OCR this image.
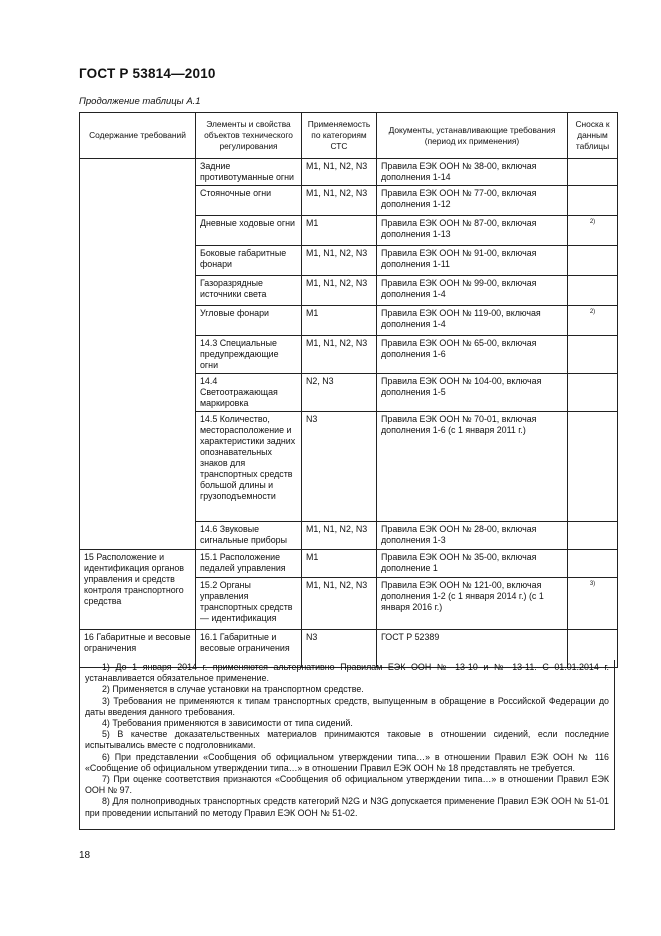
ГОСТ Р 53814—2010
Продолжение таблицы А.1
Содержание требований	Элементы и свойства объектов технического регулирования	Применяемость по категориям СТС	Документы, устанавливающие требования (период их применения)	Сноска к данным таблицы
	Задние противотуманные огни	M1, N1, N2, N3	Правила ЕЭК ООН № 38-00, включая дополнения 1-14	
	Стояночные огни	M1, N1, N2, N3	Правила ЕЭК ООН № 77-00, включая дополнения 1-12	
	Дневные ходовые огни	M1	Правила ЕЭК ООН № 87-00, включая дополнения 1-13	2)
	Боковые габаритные фонари	M1, N1, N2, N3	Правила ЕЭК ООН № 91-00, включая дополнения 1-11	
	Газоразрядные источники света	M1, N1, N2, N3	Правила ЕЭК ООН № 99-00, включая дополнения 1-4	
	Угловые фонари	M1	Правила ЕЭК ООН № 119-00, включая дополнения 1-4	2)
	14.3 Специальные предупреждающие огни	M1, N1, N2, N3	Правила ЕЭК ООН № 65-00, включая дополнения 1-6	
	14.4 Светоотражающая маркировка	N2, N3	Правила ЕЭК ООН № 104-00, включая дополнения 1-5	
	14.5 Количество, месторасположение и характеристики задних опознавательных знаков для транспортных средств большой длины и грузоподъемности	N3	Правила ЕЭК ООН № 70-01, включая дополнения 1-6 (с 1 января 2011 г.)	
	14.6 Звуковые сигнальные приборы	M1, N1, N2, N3	Правила ЕЭК ООН № 28-00, включая дополнения 1-3	
15 Расположение и идентификация органов управления и средств контроля транспортного средства	15.1 Расположение педалей управления	M1	Правила ЕЭК ООН № 35-00, включая дополнение 1	
	15.2 Органы управления транспортных средств — идентификация	M1, N1, N2, N3	Правила ЕЭК ООН № 121-00, включая дополнения 1-2 (с 1 января 2014 г.) (с 1 января 2016 г.)	3)
16 Габаритные и весовые ограничения	16.1 Габаритные и весовые ограничения	N3	ГОСТ Р 52389	

1) До 1 января 2014 г. применяются альтернативно Правилам ЕЭК ООН № 13-10 и № 13-11. С 01.01.2014 г. устанавливается обязательное применение.

2) Применяется в случае установки на транспортном средстве.

3) Требования не применяются к типам транспортных средств, выпущенным в обращение в Российской Федерации до даты введения данного требования.

4) Требования применяются в зависимости от типа сидений.

5) В качестве доказательственных материалов принимаются таковые в отношении сидений, если последние испытывались вместе с подголовниками.

6) При представлении «Сообщения об официальном утверждении типа…» в отношении Правил ЕЭК ООН № 116 «Сообщение об официальном утверждении типа…» в отношении Правил ЕЭК ООН № 18 представлять не требуется.

7) При оценке соответствия признаются «Сообщения об официальном утверждении типа…» в отношении Правил ЕЭК ООН № 97.

8) Для полноприводных транспортных средств категорий N2G и N3G допускается применение Правил ЕЭК ООН № 51-01 при проведении испытаний по методу Правил ЕЭК ООН № 51-02.

18
